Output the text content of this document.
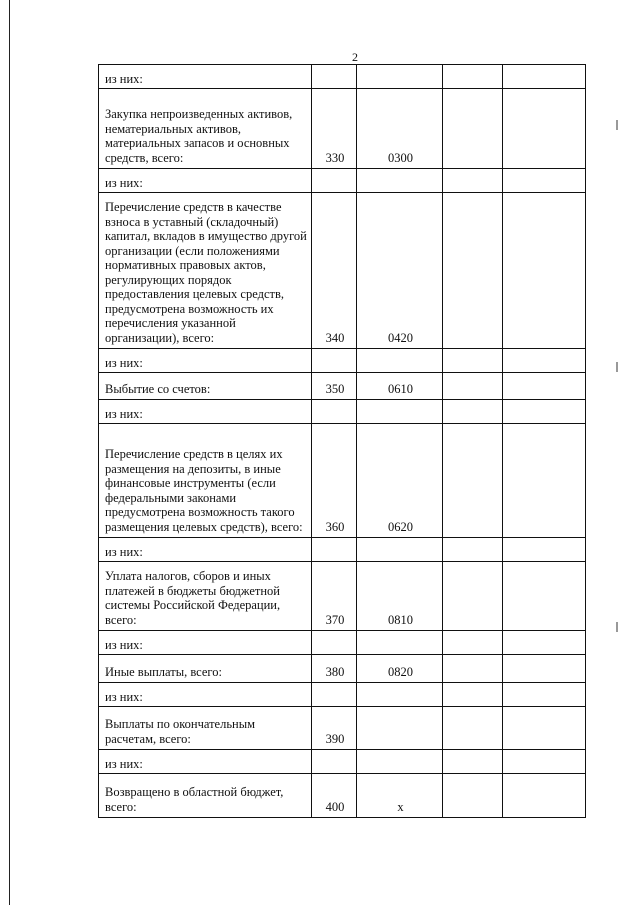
2
из них:				
Закупка непроизведенных активов, нематериальных активов, материальных запасов и основных средств, всего:	330	0300		
из них:				
Перечисление средств в качестве взноса в уставный (складочный) капитал, вкладов в имущество другой организации (если положениями нормативных правовых актов, регулирующих порядок предоставления целевых средств, предусмотрена возможность их перечисления указанной организации), всего:	340	0420		
из них:				
Выбытие со счетов:	350	0610		
из них:				
Перечисление средств в целях их размещения на депозиты, в иные финансовые инструменты (если федеральными законами предусмотрена возможность такого размещения целевых средств), всего:	360	0620		
из них:				
Уплата налогов, сборов и иных платежей в бюджеты бюджетной системы Российской Федерации, всего:	370	0810		
из них:				
Иные выплаты, всего:	380	0820		
из них:				
Выплаты по окончательным расчетам, всего:	390			
из них:				
Возвращено в областной бюджет, всего:	400	x		
